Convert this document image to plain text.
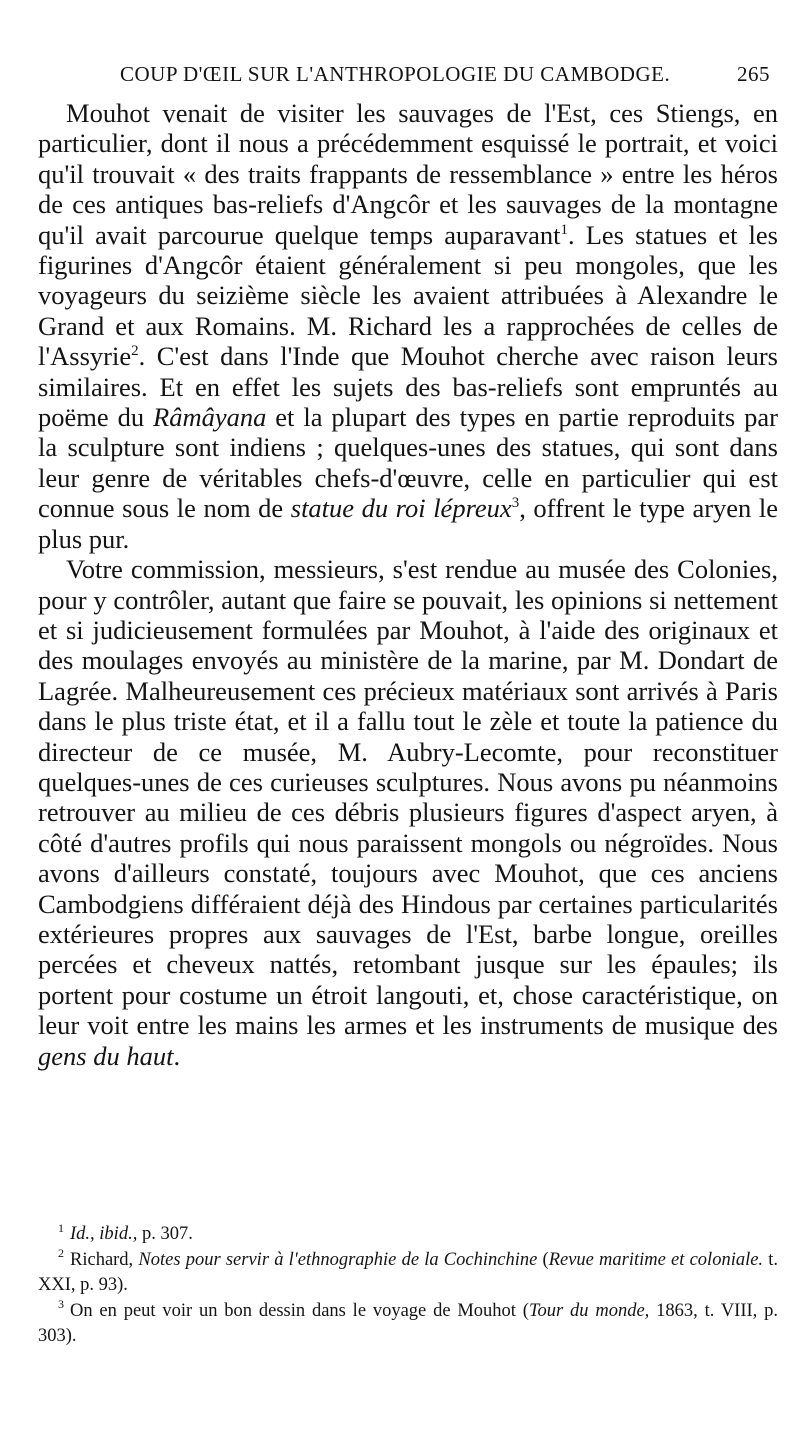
COUP D'ŒIL SUR L'ANTHROPOLOGIE DU CAMBODGE.	265

Mouhot venait de visiter les sauvages de l'Est, ces Stiengs, en particulier, dont il nous a précédemment esquissé le portrait, et voici qu'il trouvait « des traits frappants de ressemblance » entre les héros de ces antiques bas-reliefs d'Angcôr et les sauvages de la montagne qu'il avait parcourue quelque temps auparavant$^1$. Les statues et les figurines d'Angcôr étaient généralement si peu mongoles, que les voyageurs du seizième siècle les avaient attribuées à Alexandre le Grand et aux Romains. M. Richard les a rapprochées de celles de l'Assyrie$^2$. C'est dans l'Inde que Mouhot cherche avec raison leurs similaires. Et en effet les sujets des bas-reliefs sont empruntés au poëme du Râmâyana et la plupart des types en partie reproduits par la sculpture sont indiens ; quelques-unes des statues, qui sont dans leur genre de véritables chefs-d'œuvre, celle en particulier qui est connue sous le nom de statue du roi lépreux$^3$, offrent le type aryen le plus pur.

Votre commission, messieurs, s'est rendue au musée des Colonies, pour y contrôler, autant que faire se pouvait, les opinions si nettement et si judicieusement formulées par Mouhot, à l'aide des originaux et des moulages envoyés au ministère de la marine, par M. Dondart de Lagrée. Malheureusement ces précieux matériaux sont arrivés à Paris dans le plus triste état, et il a fallu tout le zèle et toute la patience du directeur de ce musée, M. Aubry-Lecomte, pour reconstituer quelques-unes de ces curieuses sculptures. Nous avons pu néanmoins retrouver au milieu de ces débris plusieurs figures d'aspect aryen, à côté d'autres profils qui nous paraissent mongols ou négroïdes. Nous avons d'ailleurs constaté, toujours avec Mouhot, que ces anciens Cambodgiens différaient déjà des Hindous par certaines particularités extérieures propres aux sauvages de l'Est, barbe longue, oreilles percées et cheveux nattés, retombant jusque sur les épaules; ils portent pour costume un étroit langouti, et, chose caractéristique, on leur voit entre les mains les armes et les instruments de musique des gens du haut.

$^1$ Id., ibid., p. 307.

$^2$ Richard, Notes pour servir à l'ethnographie de la Cochinchine (Revue maritime et coloniale. t. XXI, p. 93).

$^3$ On en peut voir un bon dessin dans le voyage de Mouhot (Tour du monde, 1863, t. VIII, p. 303).
